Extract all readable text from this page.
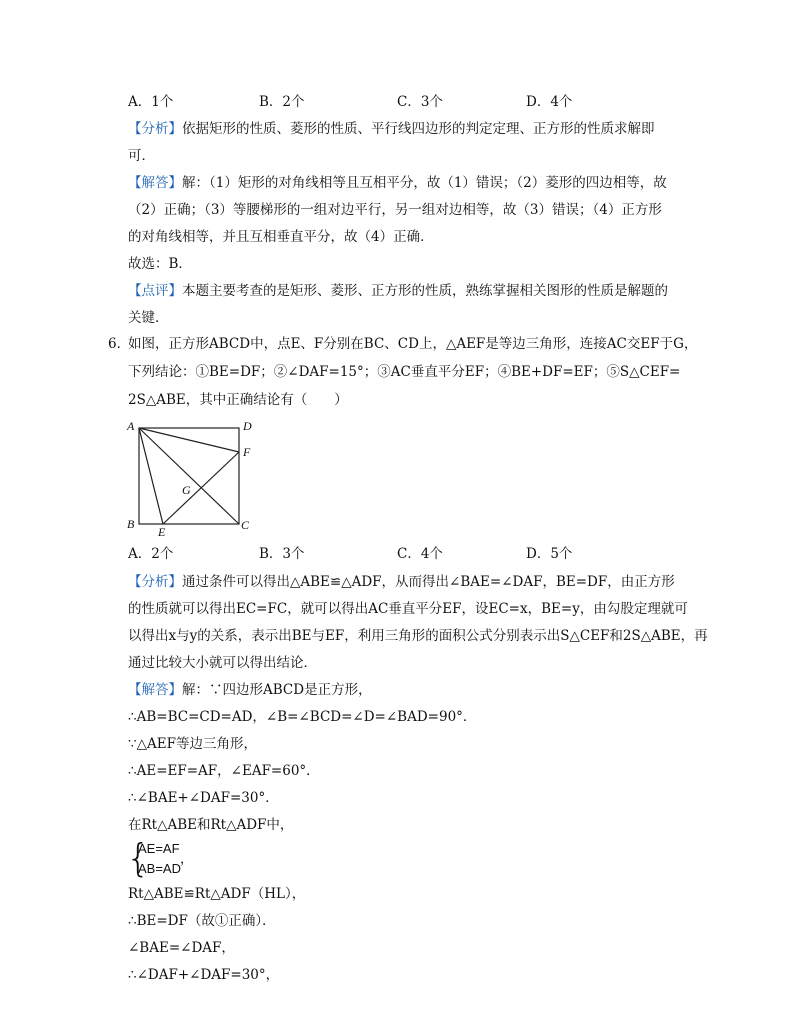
A．1个	B．2个	C．3个	D．4个
【分析】依据矩形的性质、菱形的性质、平行线四边形的判定定理、正方形的性质求解即
可．
【解答】解：（1）矩形的对角线相等且互相平分，故（1）错误；（2）菱形的四边相等，故
（2）正确；（3）等腰梯形的一组对边平行，另一组对边相等，故（3）错误；（4）正方形
的对角线相等，并且互相垂直平分，故（4）正确．
故选：B．
【点评】本题主要考查的是矩形、菱形、正方形的性质，熟练掌握相关图形的性质是解题的
关键．
6．
如图，正方形ABCD中，点E、F分别在BC、CD上，△AEF是等边三角形，连接AC交EF于G，
下列结论：①BE=DF；②∠DAF=15°；③AC垂直平分EF；④BE+DF=EF；⑤S△CEF=
2S△ABE，其中正确结论有（　　）
A	D
F
G
B
E	C
A．2个	B．3个	C．4个	D．5个
【分析】通过条件可以得出△ABE≌△ADF，从而得出∠BAE=∠DAF，BE=DF，由正方形
的性质就可以得出EC=FC，就可以得出AC垂直平分EF，设EC=x，BE=y，由勾股定理就可
以得出x与y的关系，表示出BE与EF，利用三角形的面积公式分别表示出S△CEF和2S△ABE，再
通过比较大小就可以得出结论．
【解答】解：∵四边形ABCD是正方形，
∴AB=BC=CD=AD，∠B=∠BCD=∠D=∠BAD=90°．
∵△AEF等边三角形，
∴AE=EF=AF，∠EAF=60°．
∴∠BAE+∠DAF=30°．
在Rt△ABE和Rt△ADF中，
{
AE=AF
AB=AD
，
Rt△ABE≌Rt△ADF（HL），
∴BE=DF（故①正确）．
∠BAE=∠DAF，
∴∠DAF+∠DAF=30°，
